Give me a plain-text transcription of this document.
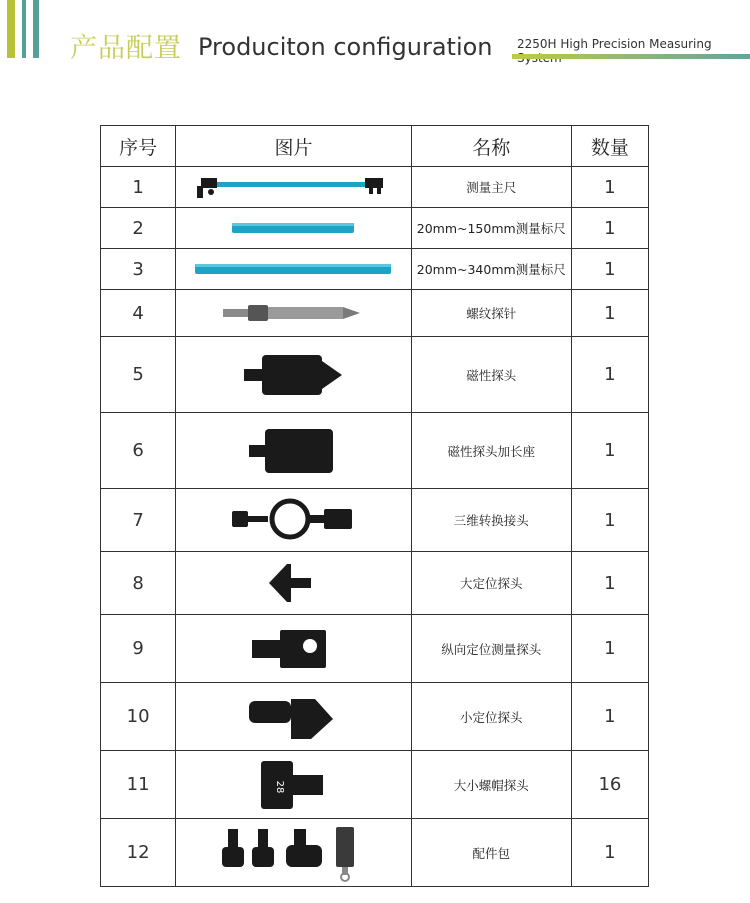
产品配置 Produciton configuration 2250H High Precision Measuring
序号	图片	名称	数量
1		测量主尺	1
2		20mm~150mm测量标尺	1
3		20mm~340mm测量标尺	1
4		螺纹探针	1
5		磁性探头	1
6		磁性探头加长座	1
7		三维转换接头	1
8		大定位探头	1
9		纵向定位测量探头	1
10		小定位探头	1
11	28	大小螺帽探头	16
12		配件包	1
